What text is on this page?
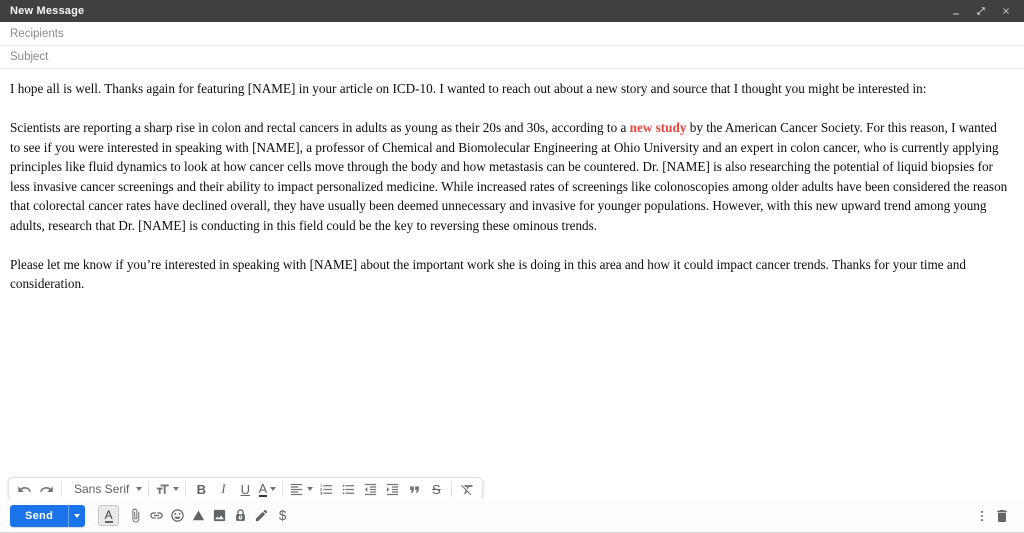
New Message
Recipients
Subject

I hope all is well. Thanks again for featuring [NAME] in your article on ICD-10. I wanted to reach out about a new story and source that I thought you might be interested in:

Scientists are reporting a sharp rise in colon and rectal cancers in adults as young as their 20s and 30s, according to a new study by the American Cancer Society. For this reason, I wanted to see if you were interested in speaking with [NAME], a professor of Chemical and Biomolecular Engineering at Ohio University and an expert in colon cancer, who is currently applying principles like fluid dynamics to look at how cancer cells move through the body and how metastasis can be countered. Dr. [NAME] is also researching the potential of liquid biopsies for less invasive cancer screenings and their ability to impact personalized medicine. While increased rates of screenings like colonoscopies among older adults have been considered the reason that colorectal cancer rates have declined overall, they have usually been deemed unnecessary and invasive for younger populations. However, with this new upward trend among young adults, research that Dr. [NAME] is conducting in this field could be the key to reversing these ominous trends.

Please let me know if you’re interested in speaking with [NAME] about the important work she is doing in this area and how it could impact cancer trends. Thanks for your time and consideration.

Sans Serif	B	I	U A	S
Send	A	$
